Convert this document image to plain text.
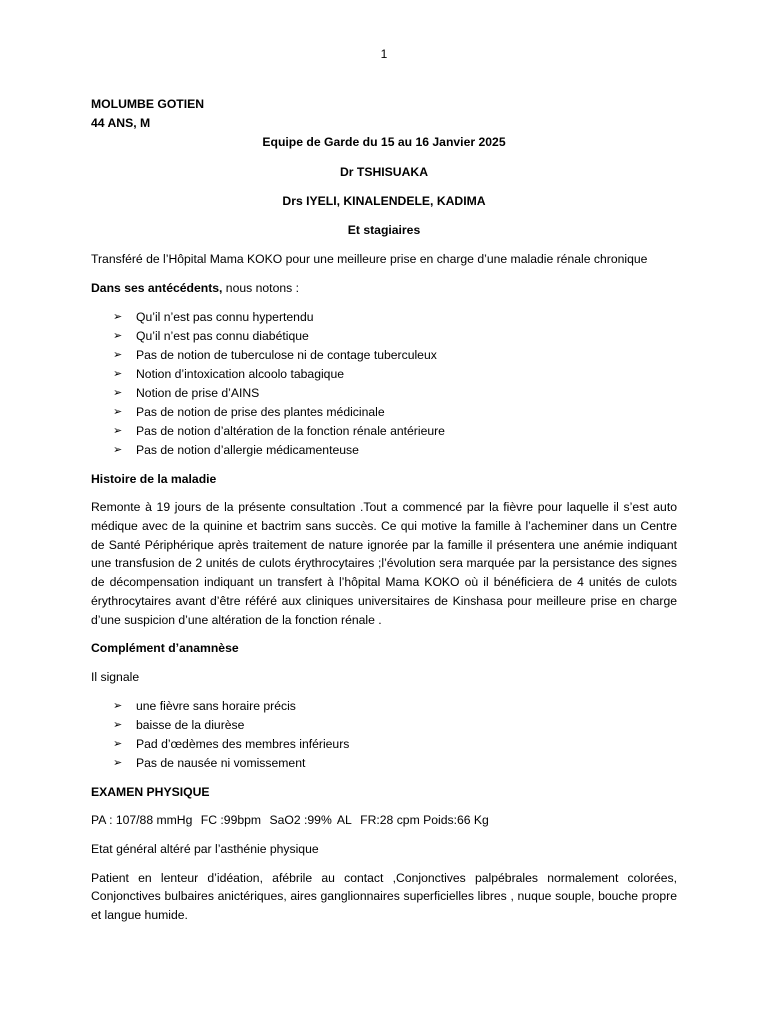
1

MOLUMBE GOTIEN

44 ANS, M

Equipe de Garde du 15 au 16 Janvier 2025

Dr TSHISUAKA

Drs IYELI, KINALENDELE, KADIMA

Et stagiaires

Transféré de l’Hôpital Mama KOKO pour une meilleure prise en charge d’une maladie rénale chronique

Dans ses antécédents, nous notons :

➢ Qu’il n’est pas connu hypertendu
➢ Qu’il n’est pas connu diabétique
➢ Pas de notion de tuberculose ni de contage tuberculeux
➢ Notion d’intoxication alcoolo tabagique
➢ Notion de prise d’AINS
➢ Pas de notion de prise des plantes médicinale
➢ Pas de notion d’altération de la fonction rénale antérieure
➢ Pas de notion d’allergie médicamenteuse

Histoire de la maladie

Remonte à 19 jours de la présente consultation .Tout a commencé par la fièvre pour laquelle il s’est auto médique avec de la quinine et bactrim sans succès. Ce qui motive la famille à l’acheminer dans un Centre de Santé Périphérique après traitement de nature ignorée par la famille il présentera une anémie indiquant une transfusion de 2 unités de culots érythrocytaires ;l’évolution sera marquée par la persistance des signes de décompensation indiquant un transfert à l’hôpital Mama KOKO où il bénéficiera de 4 unités de culots érythrocytaires avant d’être référé aux cliniques universitaires de Kinshasa pour meilleure prise en charge d’une suspicion d’une altération de la fonction rénale .

Complément d’anamnèse

Il signale

➢ une fièvre sans horaire précis
➢ baisse de la diurèse
➢ Pad d’œdèmes des membres inférieurs
➢ Pas de nausée ni vomissement

EXAMEN PHYSIQUE

PA : 107/88 mmHg FC :99bpm SaO2 :99% AL FR:28 cpm Poids:66 Kg

Etat général altéré par l’asthénie physique

Patient en lenteur d’idéation, afébrile au contact ,Conjonctives palpébrales normalement colorées, Conjonctives bulbaires anictériques, aires ganglionnaires superficielles libres , nuque souple, bouche propre et langue humide.
